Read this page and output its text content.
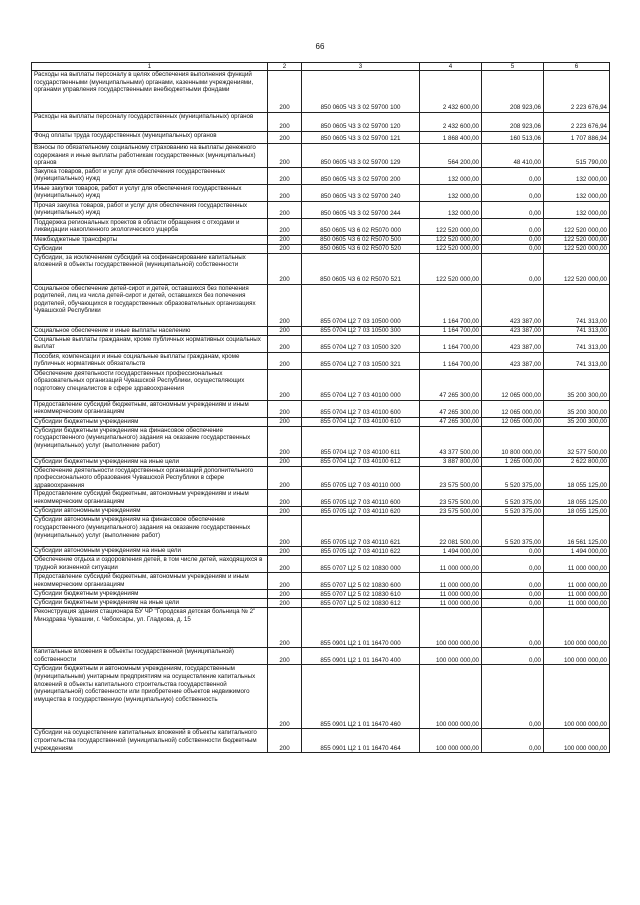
66
1	2	3	4	5	6
Расходы на выплаты персоналу в целях обеспечения выполнения функций государственными (муниципальными) органами, казенными учреждениями, органами управления государственными внебюджетными фондами	200	850 0605 Ч3 3 02 59700 100	2 432 600,00	208 923,06	2 223 676,94
Расходы на выплаты персоналу государственных (муниципальных) органов	200	850 0605 Ч3 3 02 59700 120	2 432 600,00	208 923,06	2 223 676,94
Фонд оплаты труда государственных (муниципальных) органов	200	850 0605 Ч3 3 02 59700 121	1 868 400,00	160 513,06	1 707 886,94
Взносы по обязательному социальному страхованию на выплаты денежного содержания и иные выплаты работникам государственных (муниципальных) органов	200	850 0605 Ч3 3 02 59700 129	564 200,00	48 410,00	515 790,00
Закупка товаров, работ и услуг для обеспечения государственных (муниципальных) нужд	200	850 0605 Ч3 3 02 59700 200	132 000,00	0,00	132 000,00
Иные закупки товаров, работ и услуг для обеспечения государственных (муниципальных) нужд	200	850 0605 Ч3 3 02 59700 240	132 000,00	0,00	132 000,00
Прочая закупка товаров, работ и услуг для обеспечения государственных (муниципальных) нужд	200	850 0605 Ч3 3 02 59700 244	132 000,00	0,00	132 000,00
Поддержка региональных проектов в области обращения с отходами и ликвидации накопленного экологического ущерба	200	850 0605 Ч3 6 02 R5070 000	122 520 000,00	0,00	122 520 000,00
Межбюджетные трансферты	200	850 0605 Ч3 6 02 R5070 500	122 520 000,00	0,00	122 520 000,00
Субсидии	200	850 0605 Ч3 6 02 R5070 520	122 520 000,00	0,00	122 520 000,00
Субсидии, за исключением субсидий на софинансирование капитальных вложений в объекты государственной (муниципальной) собственности	200	850 0605 Ч3 6 02 R5070 521	122 520 000,00	0,00	122 520 000,00
Социальное обеспечение детей-сирот и детей, оставшихся без попечения родителей, лиц из числа детей-сирот и детей, оставшихся без попечения родителей, обучающихся в государственных образовательных организациях Чувашской Республики	200	855 0704 Ц2 7 03 10500 000	1 164 700,00	423 387,00	741 313,00
Социальное обеспечение и иные выплаты населению	200	855 0704 Ц2 7 03 10500 300	1 164 700,00	423 387,00	741 313,00
Социальные выплаты гражданам, кроме публичных нормативных социальных выплат	200	855 0704 Ц2 7 03 10500 320	1 164 700,00	423 387,00	741 313,00
Пособия, компенсации и иные социальные выплаты гражданам, кроме публичных нормативных обязательств	200	855 0704 Ц2 7 03 10500 321	1 164 700,00	423 387,00	741 313,00
Обеспечение деятельности государственных профессиональных образовательных организаций Чувашской Республики, осуществляющих подготовку специалистов в сфере здравоохранения	200	855 0704 Ц2 7 03 40100 000	47 265 300,00	12 065 000,00	35 200 300,00
Предоставление субсидий бюджетным, автономным учреждениям и иным некоммерческим организациям	200	855 0704 Ц2 7 03 40100 600	47 265 300,00	12 065 000,00	35 200 300,00
Субсидии бюджетным учреждениям	200	855 0704 Ц2 7 03 40100 610	47 265 300,00	12 065 000,00	35 200 300,00
Субсидии бюджетным учреждениям на финансовое обеспечение государственного (муниципального) задания на оказание государственных (муниципальных) услуг (выполнение работ)	200	855 0704 Ц2 7 03 40100 611	43 377 500,00	10 800 000,00	32 577 500,00
Субсидии бюджетным учреждениям на иные цели	200	855 0704 Ц2 7 03 40100 612	3 887 800,00	1 265 000,00	2 622 800,00
Обеспечение деятельности государственных организаций дополнительного профессионального образования Чувашской Республики в сфере здравоохранения	200	855 0705 Ц2 7 03 40110 000	23 575 500,00	5 520 375,00	18 055 125,00
Предоставление субсидий бюджетным, автономным учреждениям и иным некоммерческим организациям	200	855 0705 Ц2 7 03 40110 600	23 575 500,00	5 520 375,00	18 055 125,00
Субсидии автономным учреждениям	200	855 0705 Ц2 7 03 40110 620	23 575 500,00	5 520 375,00	18 055 125,00
Субсидии автономным учреждениям на финансовое обеспечение государственного (муниципального) задания на оказание государственных (муниципальных) услуг (выполнение работ)	200	855 0705 Ц2 7 03 40110 621	22 081 500,00	5 520 375,00	16 561 125,00
Субсидии автономным учреждениям на иные цели	200	855 0705 Ц2 7 03 40110 622	1 494 000,00	0,00	1 494 000,00
Обеспечение отдыха и оздоровления детей, в том числе детей, находящихся в трудной жизненной ситуации	200	855 0707 Ц2 5 02 10830 000	11 000 000,00	0,00	11 000 000,00
Предоставление субсидий бюджетным, автономным учреждениям и иным некоммерческим организациям	200	855 0707 Ц2 5 02 10830 600	11 000 000,00	0,00	11 000 000,00
Субсидии бюджетным учреждениям	200	855 0707 Ц2 5 02 10830 610	11 000 000,00	0,00	11 000 000,00
Субсидии бюджетным учреждениям на иные цели	200	855 0707 Ц2 5 02 10830 612	11 000 000,00	0,00	11 000 000,00
Реконструкция здания стационара БУ ЧР "Городская детская больница № 2" Минздрава Чувашии, г. Чебоксары, ул. Гладкова, д. 15	200	855 0901 Ц2 1 01 16470 000	100 000 000,00	0,00	100 000 000,00
Капитальные вложения в объекты государственной (муниципальной) собственности	200	855 0901 Ц2 1 01 16470 400	100 000 000,00	0,00	100 000 000,00
Субсидии бюджетным и автономным учреждениям, государственным (муниципальным) унитарным предприятиям на осуществление капитальных вложений в объекты капитального строительства государственной (муниципальной) собственности или приобретение объектов недвижимого имущества в государственную (муниципальную) собственность	200	855 0901 Ц2 1 01 16470 460	100 000 000,00	0,00	100 000 000,00
Субсидии на осуществление капитальных вложений в объекты капитального строительства государственной (муниципальной) собственности бюджетным учреждениям	200	855 0901 Ц2 1 01 16470 464	100 000 000,00	0,00	100 000 000,00
